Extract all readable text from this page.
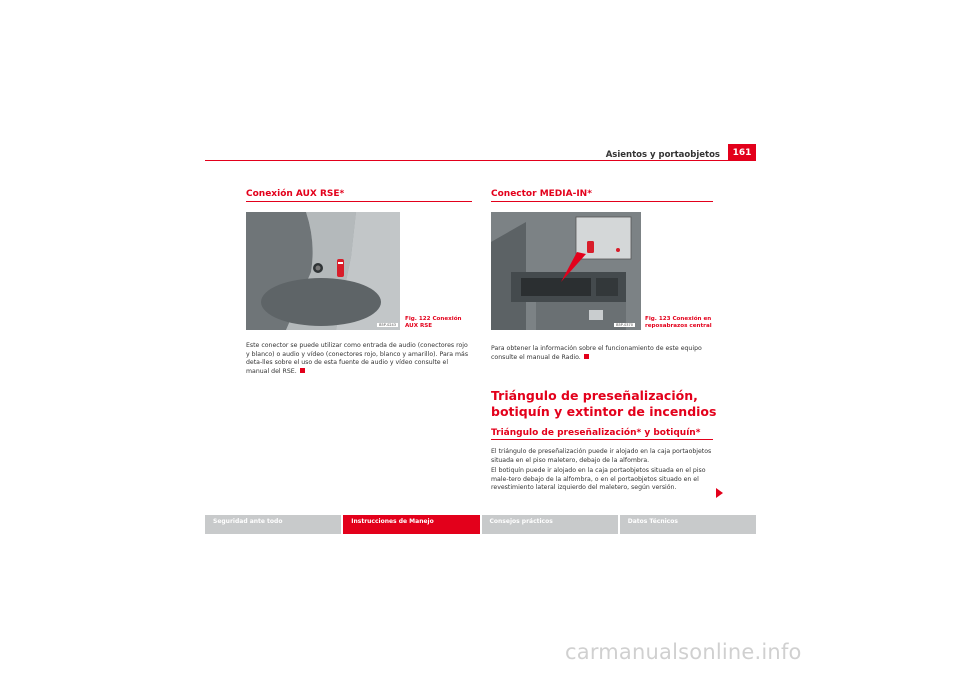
Asientos y portaobjetos	161
Conexión AUX RSE*
B5P-0243
Fig. 122 Conexión AUX RSE

Este conector se puede utilizar como entrada de audio (conectores rojo y blanco) o audio y vídeo (conectores rojo, blanco y amarillo). Para más deta-lles sobre el uso de esta fuente de audio y vídeo consulte el manual del RSE.

Conector MEDIA-IN*
B5P-0370
Fig. 123 Conexión en reposabrazos central

Para obtener la información sobre el funcionamiento de este equipo consulte el manual de Radio.

Triángulo de preseñalización, botiquín y extintor de incendios
Triángulo de preseñalización* y botiquín*

El triángulo de preseñalización puede ir alojado en la caja portaobjetos situada en el piso maletero, debajo de la alfombra.

El botiquín puede ir alojado en la caja portaobjetos situada en el piso male-tero debajo de la alfombra, o en el portaobjetos situado en el revestimiento lateral izquierdo del maletero, según versión.

Seguridad ante todo	Instrucciones de Manejo	Consejos prácticos	Datos Técnicos
carmanualsonline.info
